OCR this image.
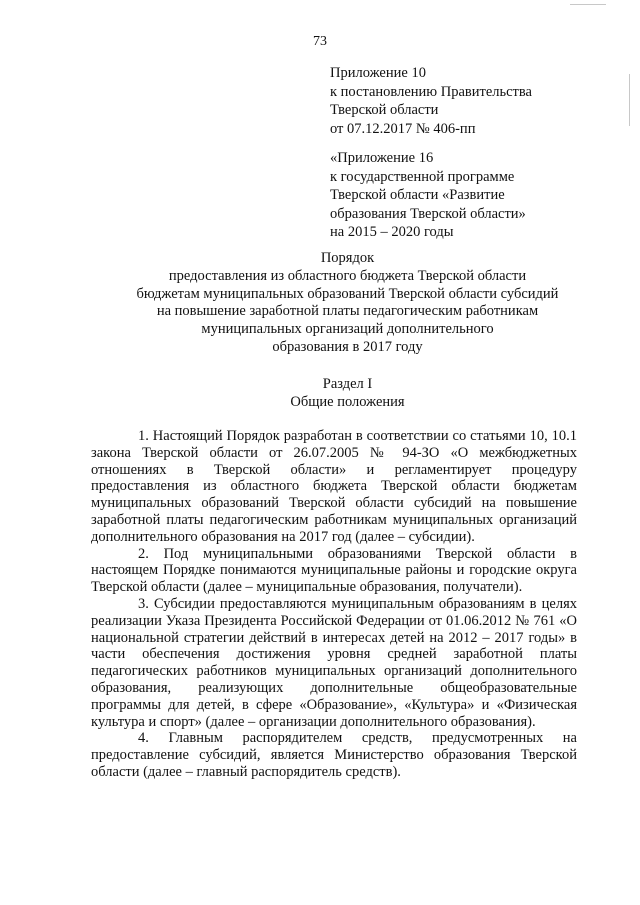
73
Приложение 10
к постановлению Правительства
Тверской области
от 07.12.2017 № 406-пп
«Приложение 16
к государственной программе
Тверской области «Развитие
образования Тверской области»
на 2015 – 2020 годы
Порядок
предоставления из областного бюджета Тверской области
бюджетам муниципальных образований Тверской области субсидий
на повышение заработной платы педагогическим работникам
муниципальных организаций дополнительного
образования в 2017 году
Раздел I
Общие положения

1. Настоящий Порядок разработан в соответствии со статьями 10, 10.1 закона Тверской области от 26.07.2005 № 94-ЗО «О межбюджетных отношениях в Тверской области» и регламентирует процедуру предоставления из областного бюджета Тверской области бюджетам муниципальных образований Тверской области субсидий на повышение заработной платы педагогическим работникам муниципальных организаций дополнительного образования на 2017 год (далее – субсидии).

2. Под муниципальными образованиями Тверской области в настоящем Порядке понимаются муниципальные районы и городские округа Тверской области (далее – муниципальные образования, получатели).

3. Субсидии предоставляются муниципальным образованиям в целях реализации Указа Президента Российской Федерации от 01.06.2012 № 761 «О национальной стратегии действий в интересах детей на 2012 – 2017 годы» в части обеспечения достижения уровня средней заработной платы педагогических работников муниципальных организаций дополнительного образования, реализующих дополнительные общеобразовательные программы для детей, в сфере «Образование», «Культура» и «Физическая культура и спорт» (далее – организации дополнительного образования).

4. Главным распорядителем средств, предусмотренных на предоставление субсидий, является Министерство образования Тверской области (далее – главный распорядитель средств).
